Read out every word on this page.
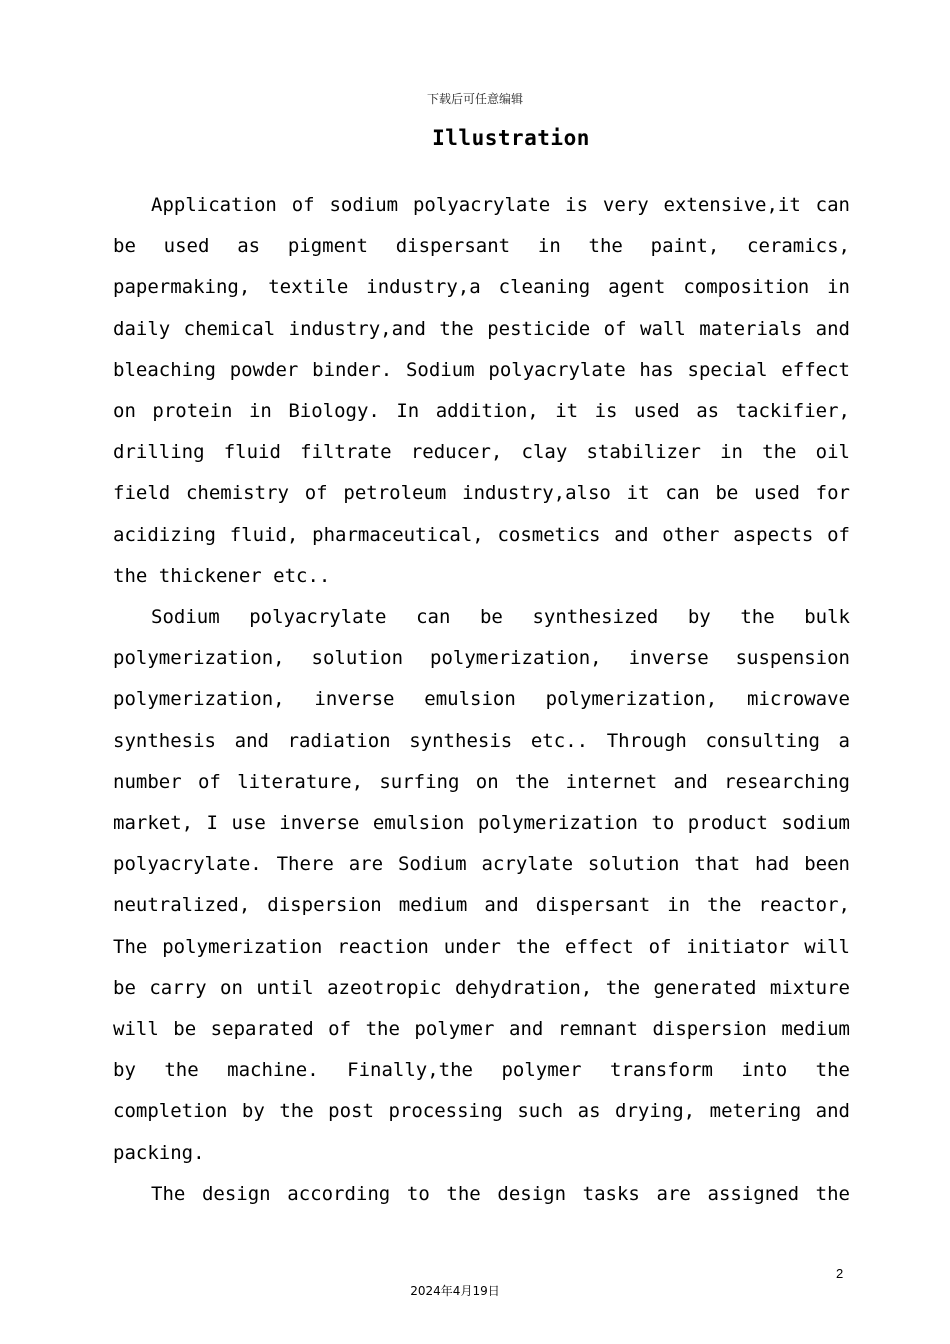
下载后可任意编辑
Illustration

Application of sodium polyacrylate is very extensive,it can be used as pigment dispersant in the paint, ceramics, papermaking, textile industry,a cleaning agent composition in daily chemical industry,and the pesticide of wall materials and bleaching powder binder. Sodium polyacrylate has special effect on protein in Biology. In addition, it is used as tackifier, drilling fluid filtrate reducer, clay stabilizer in the oil field chemistry of petroleum industry,also it can be used for acidizing fluid, pharmaceutical, cosmetics and other aspects of the thickener etc..

Sodium polyacrylate can be synthesized by the bulk polymerization, solution polymerization, inverse suspension polymerization, inverse emulsion polymerization, microwave synthesis and radiation synthesis etc.. Through consulting a number of literature, surfing on the internet and researching market, I use inverse emulsion polymerization to product sodium polyacrylate. There are Sodium acrylate solution that had been neutralized, dispersion medium and dispersant in the reactor, The polymerization reaction under the effect of initiator will be carry on until azeotropic dehydration, the generated mixture will be separated of the polymer and remnant dispersion medium by the machine. Finally,the polymer transform into the completion by the post processing such as drying, metering and packing.

The design according to the design tasks are assigned the

2
2024年4月19日
